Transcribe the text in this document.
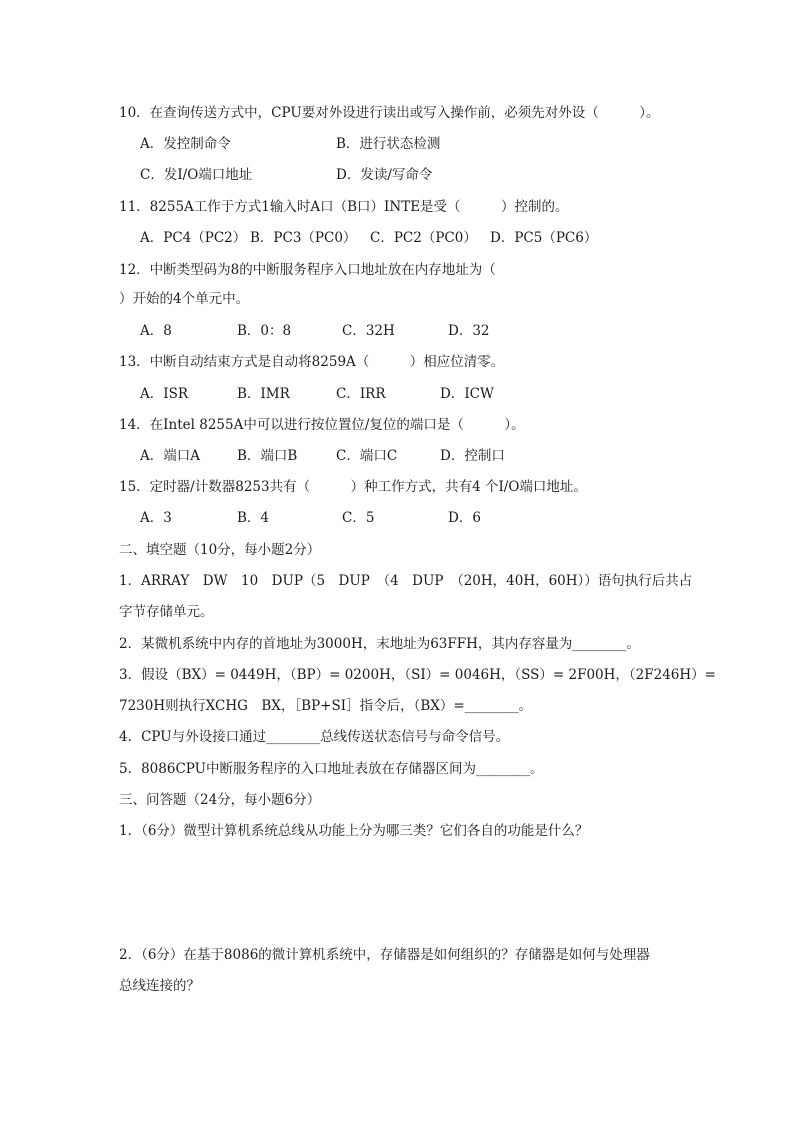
10．在查询传送方式中，CPU要对外设进行读出或写入操作前，必须先对外设（　　　）。
A．发控制命令	B．进行状态检测
C．发I/O端口地址	D．发读/写命令
11．8255A工作于方式1输入时A口（B口）INTE是受（　　　）控制的。
A．PC4（PC2） B．PC3（PC0） C．PC2（PC0） D．PC5（PC6）
12．中断类型码为8的中断服务程序入口地址放在内存地址为（
）开始的4个单元中。
A．8	B．0：8	C．32H	D．32
13．中断自动结束方式是自动将8259A（　　　）相应位清零。
A．ISR	B．IMR	C．IRR	D．ICW
14．在Intel 8255A中可以进行按位置位/复位的端口是（　　　）。
A．端口A	B．端口B	C．端口C	D．控制口
15．定时器/计数器8253共有（　　　）种工作方式，共有4 个I/O端口地址。
A．3	B．4	C．5	D．6
二、填空题（10分，每小题2分）
1．ARRAY　DW　10　DUP（5　DUP　（4　DUP　（20H，40H，60H））语句执行后共占
字节存储单元。
2．某微机系统中内存的首地址为3000H，末地址为63FFH，其内存容量为________。
3．假设（BX）= 0449H，（BP）= 0200H，（SI）= 0046H，（SS）= 2F00H，（2F246H）=
7230H则执行XCHG　BX，［BP+SI］指令后，（BX）=________。
4．CPU与外设接口通过________总线传送状态信号与命令信号。
5．8086CPU中断服务程序的入口地址表放在存储器区间为________。
三、问答题（24分，每小题6分）
1．（6分）微型计算机系统总线从功能上分为哪三类？它们各自的功能是什么？
2．（6分）在基于8086的微计算机系统中，存储器是如何组织的？存储器是如何与处理器
总线连接的？
